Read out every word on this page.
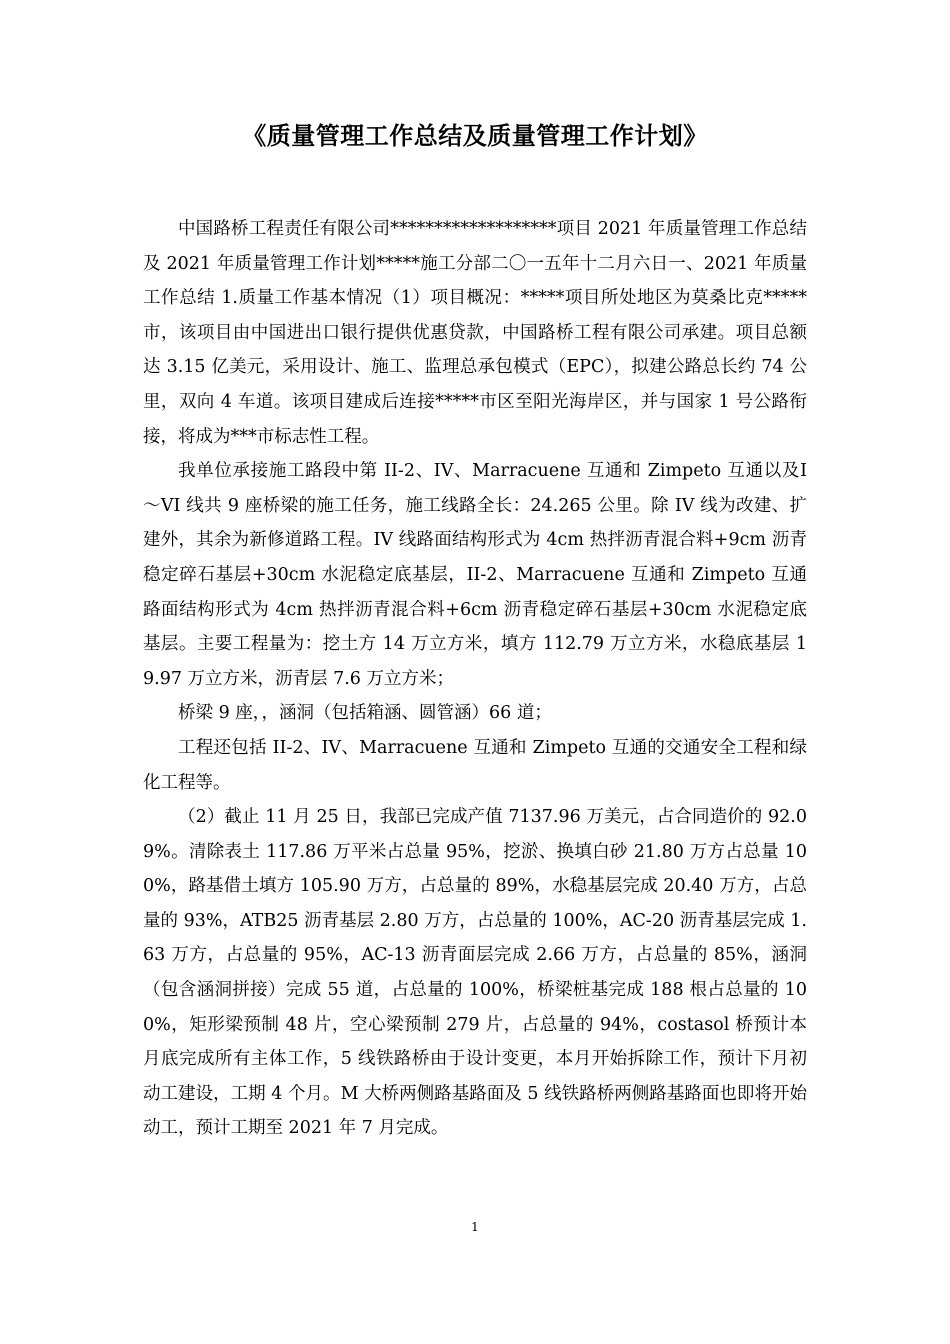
《质量管理工作总结及质量管理工作计划》

中国路桥工程责任有限公司*******************项目 2021 年质量管理工作总结及 2021 年质量管理工作计划*****施工分部二〇一五年十二月六日一、2021 年质量工作总结 1.质量工作基本情况（1）项目概况：*****项目所处地区为莫桑比克*****市，该项目由中国进出口银行提供优惠贷款，中国路桥工程有限公司承建。项目总额达 3.15 亿美元，采用设计、施工、监理总承包模式（EPC），拟建公路总长约 74 公里，双向 4 车道。该项目建成后连接*****市区至阳光海岸区，并与国家 1 号公路衔接，将成为***市标志性工程。

我单位承接施工路段中第 II-2、IV、Marracuene 互通和 Zimpeto 互通以及Ⅰ～VI 线共 9 座桥梁的施工任务，施工线路全长：24.265 公里。除 IV 线为改建、扩建外，其余为新修道路工程。IV 线路面结构形式为 4cm 热拌沥青混合料+9cm 沥青稳定碎石基层+30cm 水泥稳定底基层，II-2、Marracuene 互通和 Zimpeto 互通路面结构形式为 4cm 热拌沥青混合料+6cm 沥青稳定碎石基层+30cm 水泥稳定底基层。主要工程量为：挖土方 14 万立方米，填方 112.79 万立方米，水稳底基层 19.97 万立方米，沥青层 7.6 万立方米；

桥梁 9 座，，涵洞（包括箱涵、圆管涵）66 道；

工程还包括 II-2、IV、Marracuene 互通和 Zimpeto 互通的交通安全工程和绿化工程等。

（2）截止 11 月 25 日，我部已完成产值 7137.96 万美元，占合同造价的 92.09%。清除表土 117.86 万平米占总量 95%，挖淤、换填白砂 21.80 万方占总量 100%，路基借土填方 105.90 万方，占总量的 89%，水稳基层完成 20.40 万方，占总量的 93%，ATB25 沥青基层 2.80 万方，占总量的 100%，AC-20 沥青基层完成 1.63 万方，占总量的 95%，AC-13 沥青面层完成 2.66 万方，占总量的 85%，涵洞（包含涵洞拼接）完成 55 道，占总量的 100%，桥梁桩基完成 188 根占总量的 100%，矩形梁预制 48 片，空心梁预制 279 片，占总量的 94%，costasol 桥预计本月底完成所有主体工作，5 线铁路桥由于设计变更，本月开始拆除工作，预计下月初动工建设，工期 4 个月。M 大桥两侧路基路面及 5 线铁路桥两侧路基路面也即将开始动工，预计工期至 2021 年 7 月完成。

1
